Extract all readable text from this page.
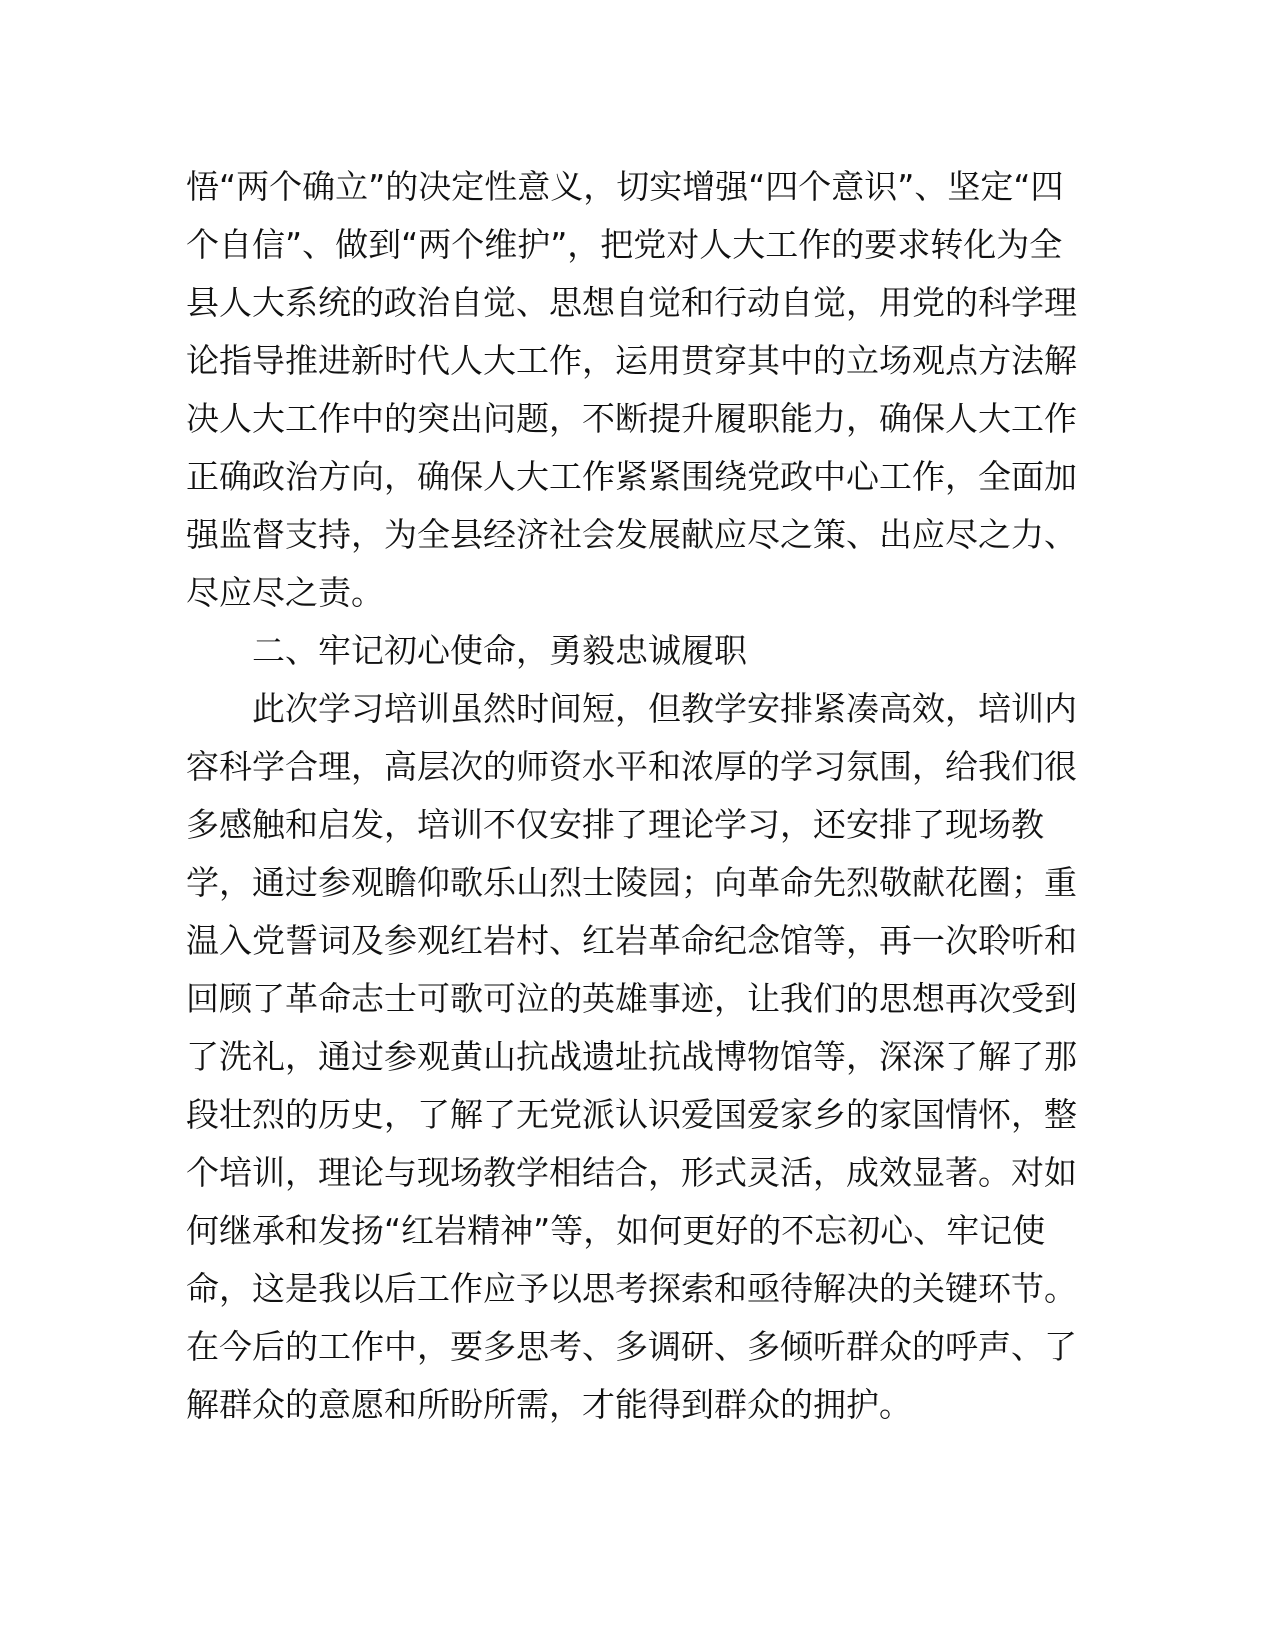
悟“两个确立”的决定性意义，切实增强“四个意识”、坚定“四
个自信”、做到“两个维护”，把党对人大工作的要求转化为全
县人大系统的政治自觉、思想自觉和行动自觉，用党的科学理
论指导推进新时代人大工作，运用贯穿其中的立场观点方法解
决人大工作中的突出问题，不断提升履职能力，确保人大工作
正确政治方向，确保人大工作紧紧围绕党政中心工作，全面加
强监督支持，为全县经济社会发展献应尽之策、出应尽之力、
尽应尽之责。
二、牢记初心使命，勇毅忠诚履职
此次学习培训虽然时间短，但教学安排紧凑高效，培训内
容科学合理，高层次的师资水平和浓厚的学习氛围，给我们很
多感触和启发，培训不仅安排了理论学习，还安排了现场教
学，通过参观瞻仰歌乐山烈士陵园；向革命先烈敬献花圈；重
温入党誓词及参观红岩村、红岩革命纪念馆等，再一次聆听和
回顾了革命志士可歌可泣的英雄事迹，让我们的思想再次受到
了洗礼，通过参观黄山抗战遗址抗战博物馆等，深深了解了那
段壮烈的历史，了解了无党派认识爱国爱家乡的家国情怀，整
个培训，理论与现场教学相结合，形式灵活，成效显著。对如
何继承和发扬“红岩精神”等，如何更好的不忘初心、牢记使
命，这是我以后工作应予以思考探索和亟待解决的关键环节。
在今后的工作中，要多思考、多调研、多倾听群众的呼声、了
解群众的意愿和所盼所需，才能得到群众的拥护。
